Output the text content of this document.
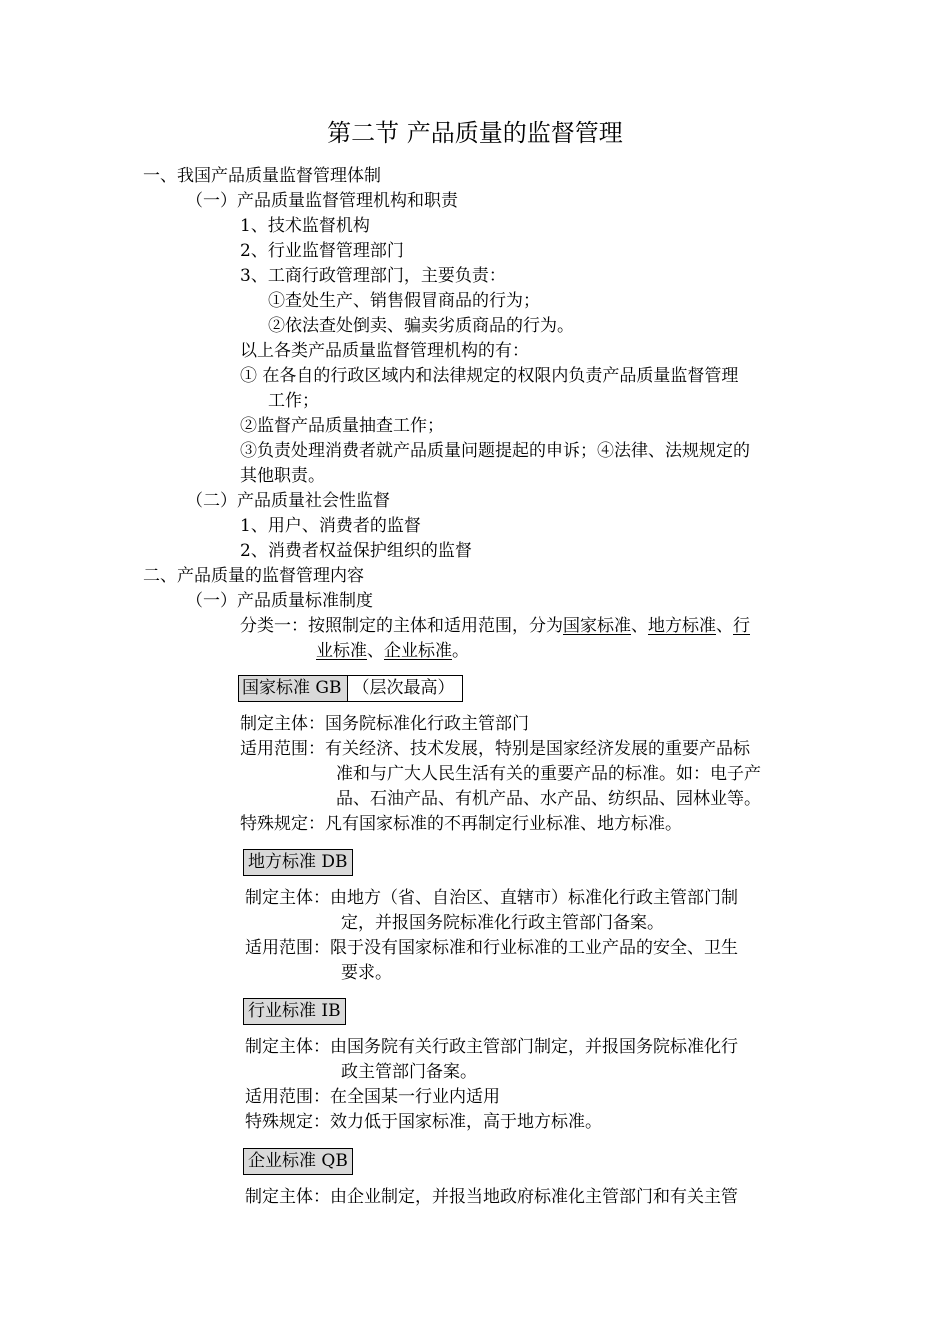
第二节 产品质量的监督管理
一、我国产品质量监督管理体制
（一）产品质量监督管理机构和职责
1、技术监督机构
2、行业监督管理部门
3、工商行政管理部门，主要负责：
①查处生产、销售假冒商品的行为；
②依法查处倒卖、骗卖劣质商品的行为。
以上各类产品质量监督管理机构的有：
① 在各自的行政区域内和法律规定的权限内负责产品质量监督管理
工作；
②监督产品质量抽查工作；
③负责处理消费者就产品质量问题提起的申诉；④法律、法规规定的
其他职责。
（二）产品质量社会性监督
1、用户、消费者的监督
2、消费者权益保护组织的监督
二、产品质量的监督管理内容
（一）产品质量标准制度
分类一：按照制定的主体和适用范围，分为国家标准、地方标准、行
业标准、企业标准。
国家标准 GB （层次最高）
制定主体：国务院标准化行政主管部门
适用范围：有关经济、技术发展，特别是国家经济发展的重要产品标
准和与广大人民生活有关的重要产品的标准。如：电子产
品、石油产品、有机产品、水产品、纺织品、园林业等。
特殊规定：凡有国家标准的不再制定行业标准、地方标准。
地方标准 DB
制定主体：由地方（省、自治区、直辖市）标准化行政主管部门制
定，并报国务院标准化行政主管部门备案。
适用范围：限于没有国家标准和行业标准的工业产品的安全、卫生
要求。
行业标准 IB
制定主体：由国务院有关行政主管部门制定，并报国务院标准化行
政主管部门备案。
适用范围：在全国某一行业内适用
特殊规定：效力低于国家标准，高于地方标准。
企业标准 QB
制定主体：由企业制定，并报当地政府标准化主管部门和有关主管
